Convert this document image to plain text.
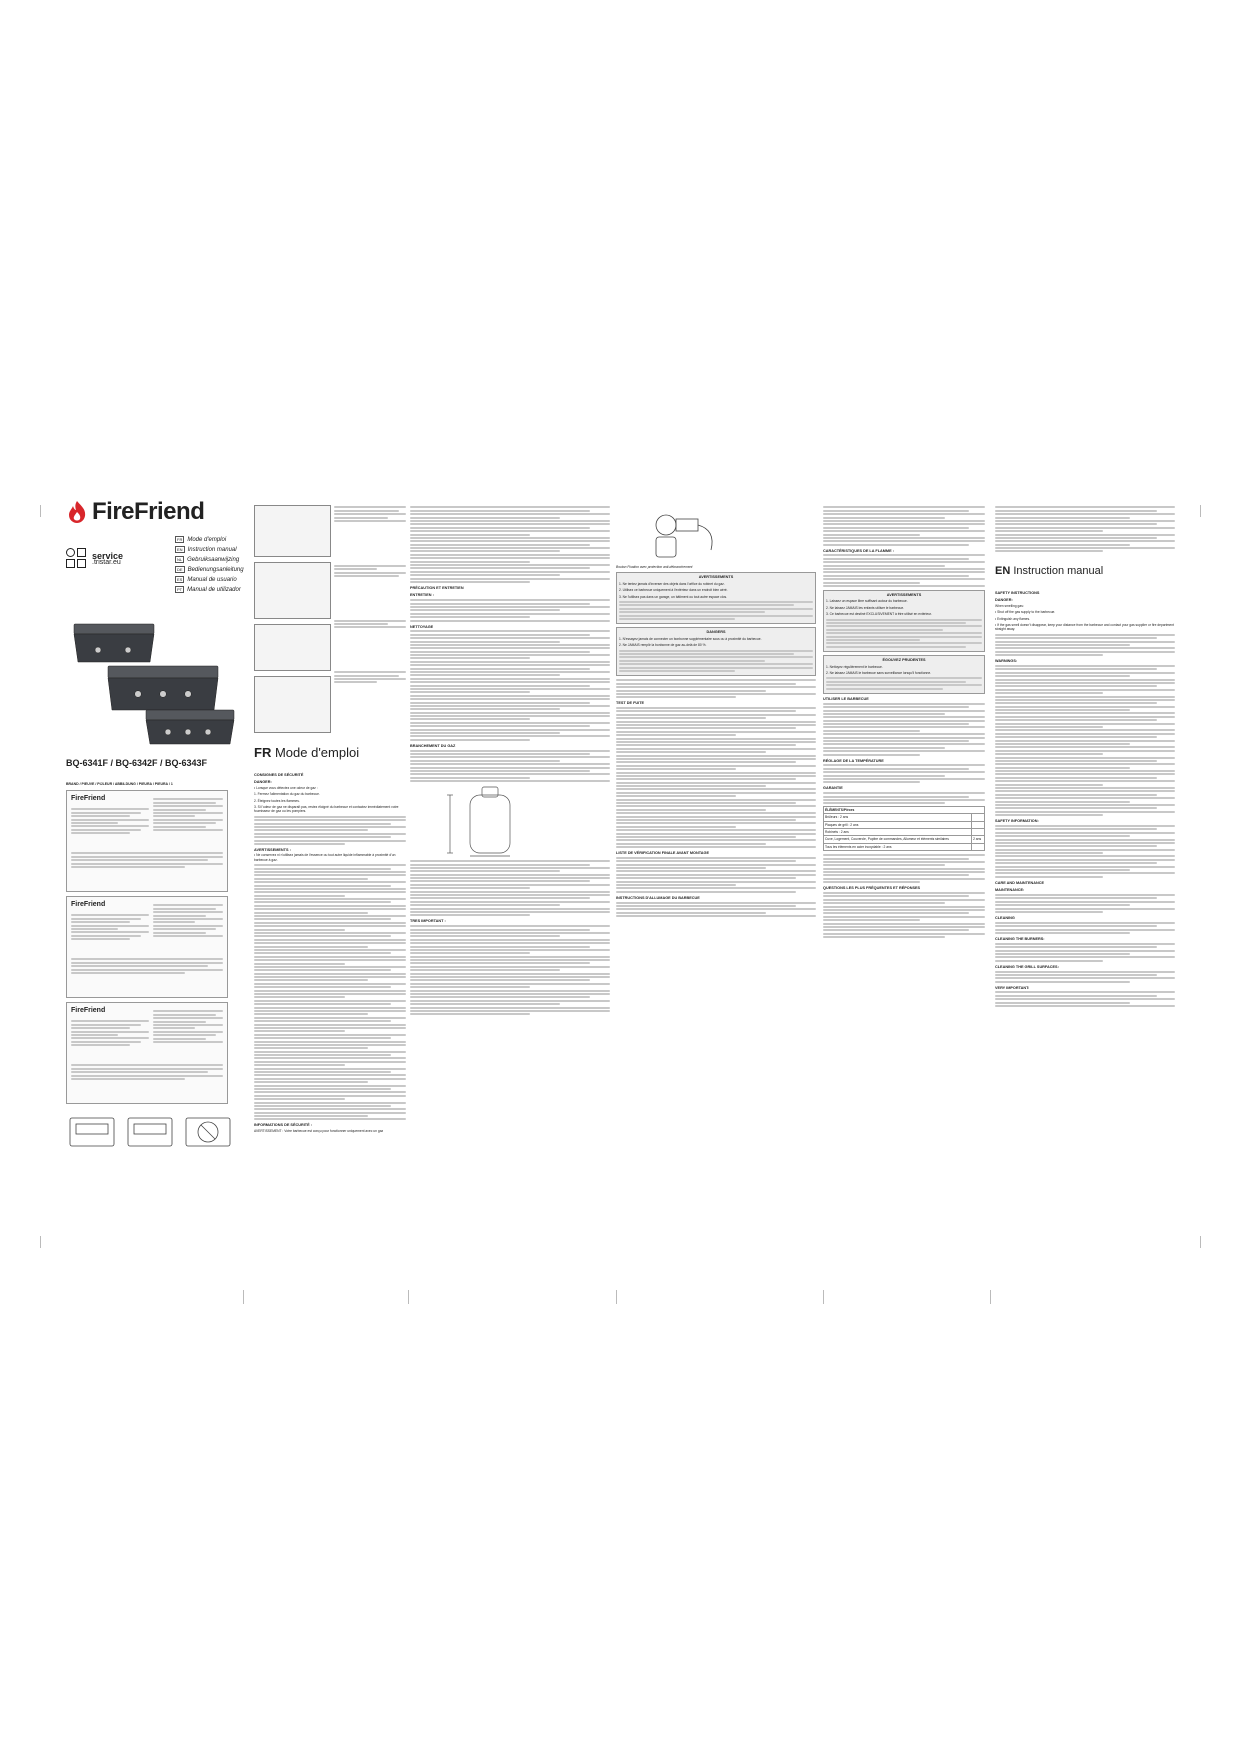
FireFriend
service
.tristar.eu
FR Mode d'emploi
EN Instruction manual
NL Gebruiksaanwijzing
DE Bedienungsanleitung
ES Manual de usuario
PT Manual de utilizador
BQ-6341F / BQ-6342F / BQ-6343F
BRAND / PIEUVE / PIJLEUR / ABBILDUNG / PIEURA / PIEURA / 1
FireFriend
FireFriend
FireFriend
FR Mode d'emploi
CONSIGNES DE SÉCURITÉ
DANGER:

• Lorsque vous détectez une odeur de gaz :

1. Fermez l'alimentation du gaz du barbecue.

2. Éteignez toutes les flammes.

3. Si l'odeur de gaz ne disparaît pas, restez éloigné du barbecue et contactez immédiatement votre fournisseur de gaz ou les pompiers.

AVERTISSEMENTS :

• Ne conservez ni n'utilisez jamais de l'essence ou tout autre liquide inflammable à proximité d'un barbecue à gaz.

INFORMATIONS DE SÉCURITÉ :

AVERTISSEMENT : Votre barbecue est conçu pour fonctionner uniquement avec un gaz

PRÉCAUTION ET ENTRETIEN
ENTRETIEN :
NETTOYAGE
BRANCHEMENT DU GAZ
TRES IMPORTANT :

Bouton Fixation avec protection anti-débranchement

AVERTISSEMENTS

1. Ne tentez jamais d'inverser des objets dans l'orifice du robinet du gaz.

2. Utilisez ce barbecue uniquement à l'extérieur dans un endroit bien aéré.

3. Ne l'utilisez pas dans un garage, un bâtiment ou tout autre espace clos.

DANGERS

1. N'essayez jamais de connecter un bonbonne supplémentaire sous ou à proximité du barbecue.

2. Ne JAMAIS remplir la bonbonne de gaz au-delà de 80 %.

TEST DE FUITE
LISTE DE VÉRIFICATION FINALE AVANT MONTAGE
INSTRUCTIONS D'ALLUMAGE DU BARBECUE
CARACTÉRISTIQUES DE LA FLAMME :
AVERTISSEMENTS

1. Laissez un espace libre suffisant autour du barbecue.

2. Ne laissez JAMAIS les enfants utiliser le barbecue.

3. Ce barbecue est destiné EXCLUSIVEMENT à être utilisé en extérieur.

ÉGOUVEZ PRUDENTES

1. Nettoyez régulièrement le barbecue.

2. Ne laissez JAMAIS le barbecue sans surveillance lorsqu'il fonctionne.

UTILISER LE BARBECUE
RÉGLAGE DE LA TEMPÉRATURE
GARANTIE
ÉLÉMENTS/Pièces	
Brûleurs : 2 ans	
Plaques de grill : 2 ans	
Robinets : 2 ans	
Cuve, Logement, Couvercle, Pupitre de commandes, Allumeur et éléments similaires	2 ans
Tous les éléments en acier inoxydable : 2 ans	
QUESTIONS LES PLUS FRÉQUENTES ET RÉPONSES
EN Instruction manual
SAFETY INSTRUCTIONS
DANGER:

When smelling gas:

• Shut off the gas supply to the barbecue.

• Extinguish any flames.

• If the gas smell doesn't disappear, keep your distance from the barbecue and contact your gas supplier or fire department straight away.

WARNINGS:
SAFETY INFORMATION:
CARE AND MAINTENANCE
MAINTENANCE:
CLEANING
CLEANING THE BURNERS:
CLEANING THE GRILL SURFACES:
VERY IMPORTANT:
